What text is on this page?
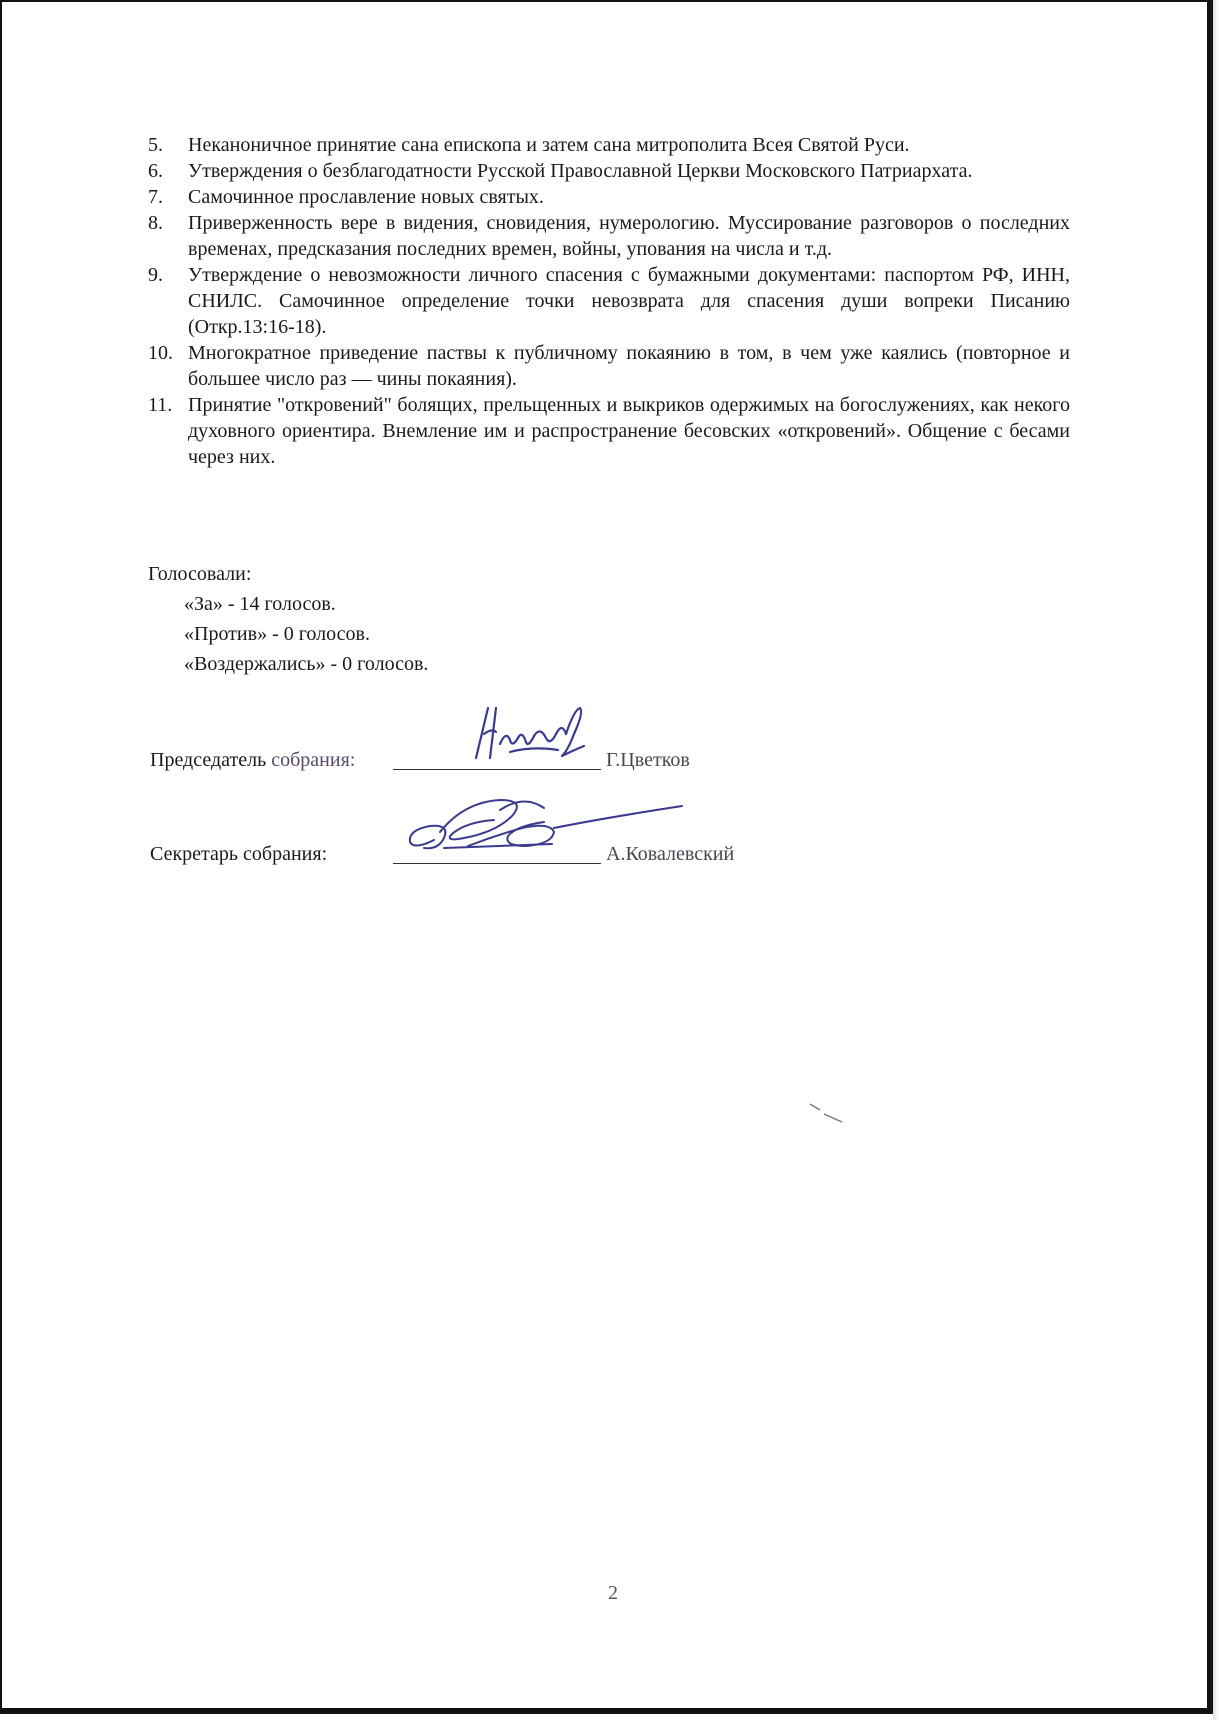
5.	Неканоничное принятие сана епископа и затем сана митрополита Всея Святой Руси.
6.	Утверждения о безблагодатности Русской Православной Церкви Московского Патриархата.
7.	Самочинное прославление новых святых.
8.	Приверженность вере в видения, сновидения, нумерологию. Муссирование разговоров о последних временах, предсказания последних времен, войны, упования на числа и т.д.
9.	Утверждение о невозможности личного спасения с бумажными документами: паспортом РФ, ИНН, СНИЛС. Самочинное определение точки невозврата для спасения души вопреки Писанию (Откр.13:16-18).
10. Многократное приведение паствы к публичному покаянию в том, в чем уже каялись (повторное и большее число раз — чины покаяния).
11. Принятие "откровений" болящих, прельщенных и выкриков одержимых на богослужениях, как некого духовного ориентира. Внемление им и распространение бесовских «откровений». Общение с бесами через них.
Голосовали:
«За» - 14 голосов.
«Против» - 0 голосов.
«Воздержались» - 0 голосов.
Председатель собрания:	Г.Цветков
Секретарь собрания:	А.Ковалевский
2
